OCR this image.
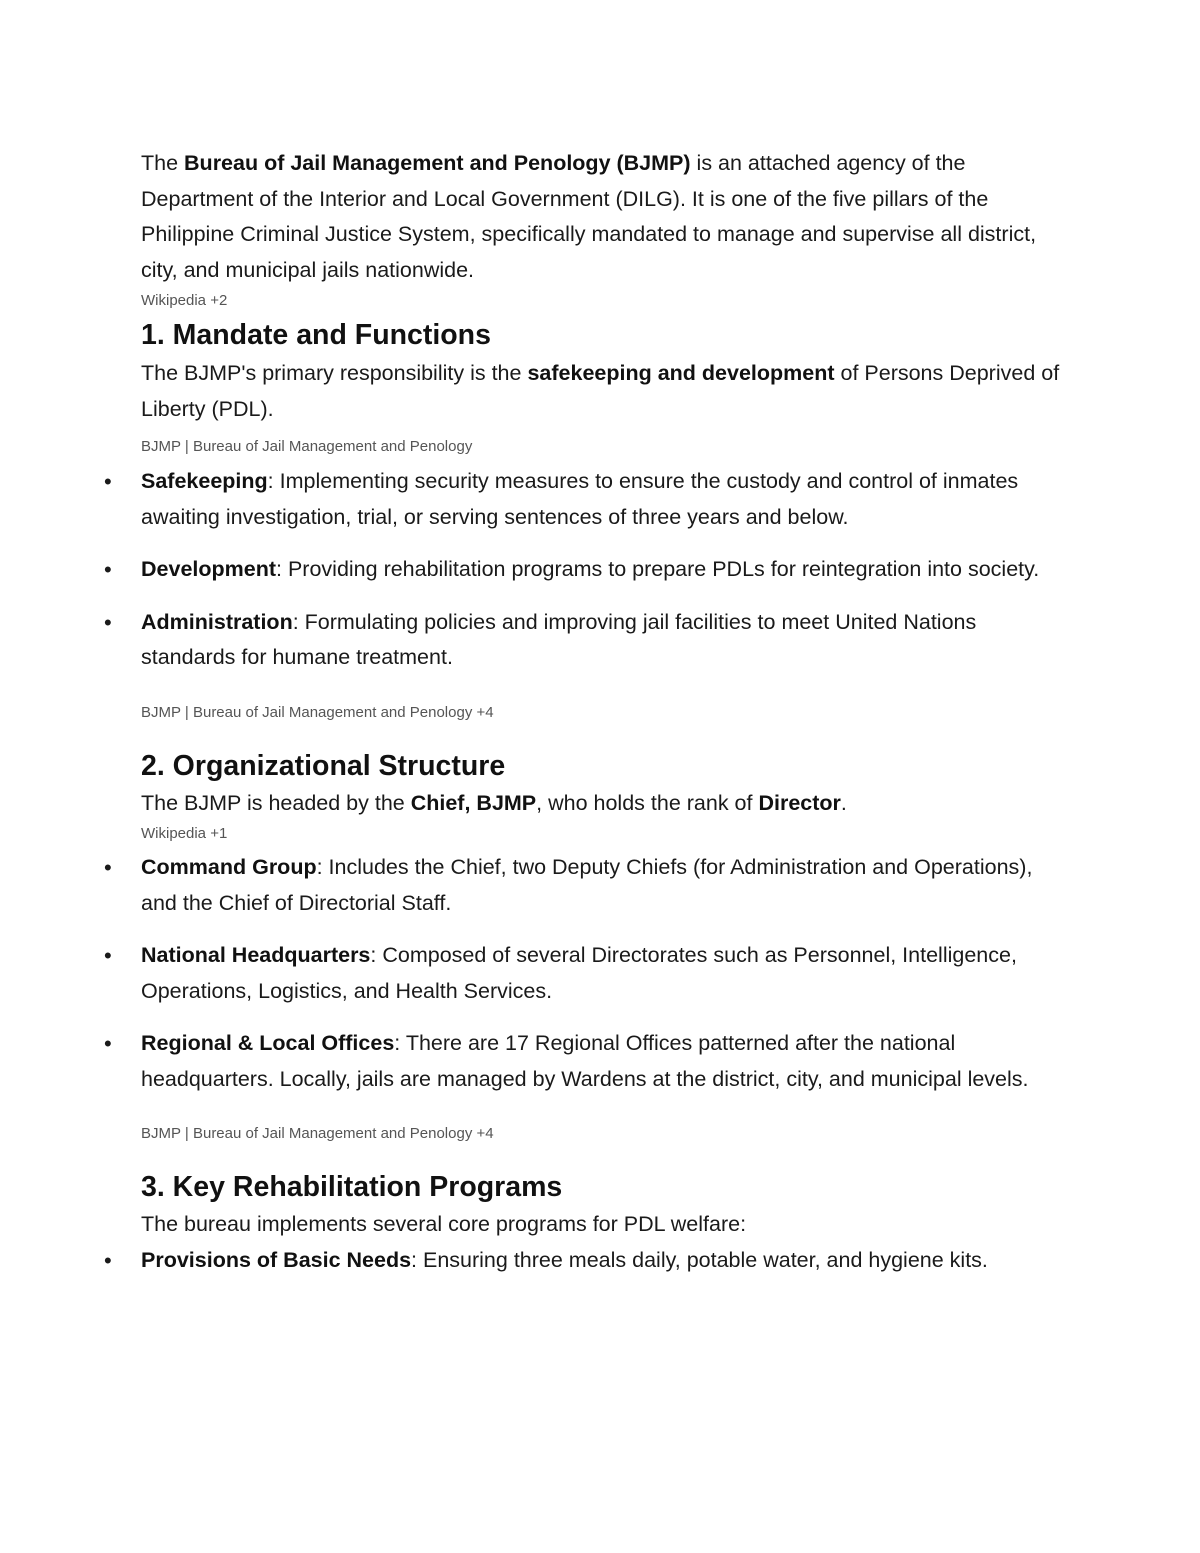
The Bureau of Jail Management and Penology (BJMP) is an attached agency of the Department of the Interior and Local Government (DILG). It is one of the five pillars of the Philippine Criminal Justice System, specifically mandated to manage and supervise all district, city, and municipal jails nationwide.

Wikipedia +2

1. Mandate and Functions

The BJMP's primary responsibility is the safekeeping and development of Persons Deprived of Liberty (PDL).

BJMP | Bureau of Jail Management and Penology

• Safekeeping: Implementing security measures to ensure the custody and control of inmates awaiting investigation, trial, or serving sentences of three years and below.
• Development: Providing rehabilitation programs to prepare PDLs for reintegration into society.
• Administration: Formulating policies and improving jail facilities to meet United Nations standards for humane treatment.

BJMP | Bureau of Jail Management and Penology +4

2. Organizational Structure

The BJMP is headed by the Chief, BJMP, who holds the rank of Director.

Wikipedia +1

• Command Group: Includes the Chief, two Deputy Chiefs (for Administration and Operations), and the Chief of Directorial Staff.
• National Headquarters: Composed of several Directorates such as Personnel, Intelligence, Operations, Logistics, and Health Services.
• Regional & Local Offices: There are 17 Regional Offices patterned after the national headquarters. Locally, jails are managed by Wardens at the district, city, and municipal levels.

BJMP | Bureau of Jail Management and Penology +4

3. Key Rehabilitation Programs

The bureau implements several core programs for PDL welfare:

• Provisions of Basic Needs: Ensuring three meals daily, potable water, and hygiene kits.
